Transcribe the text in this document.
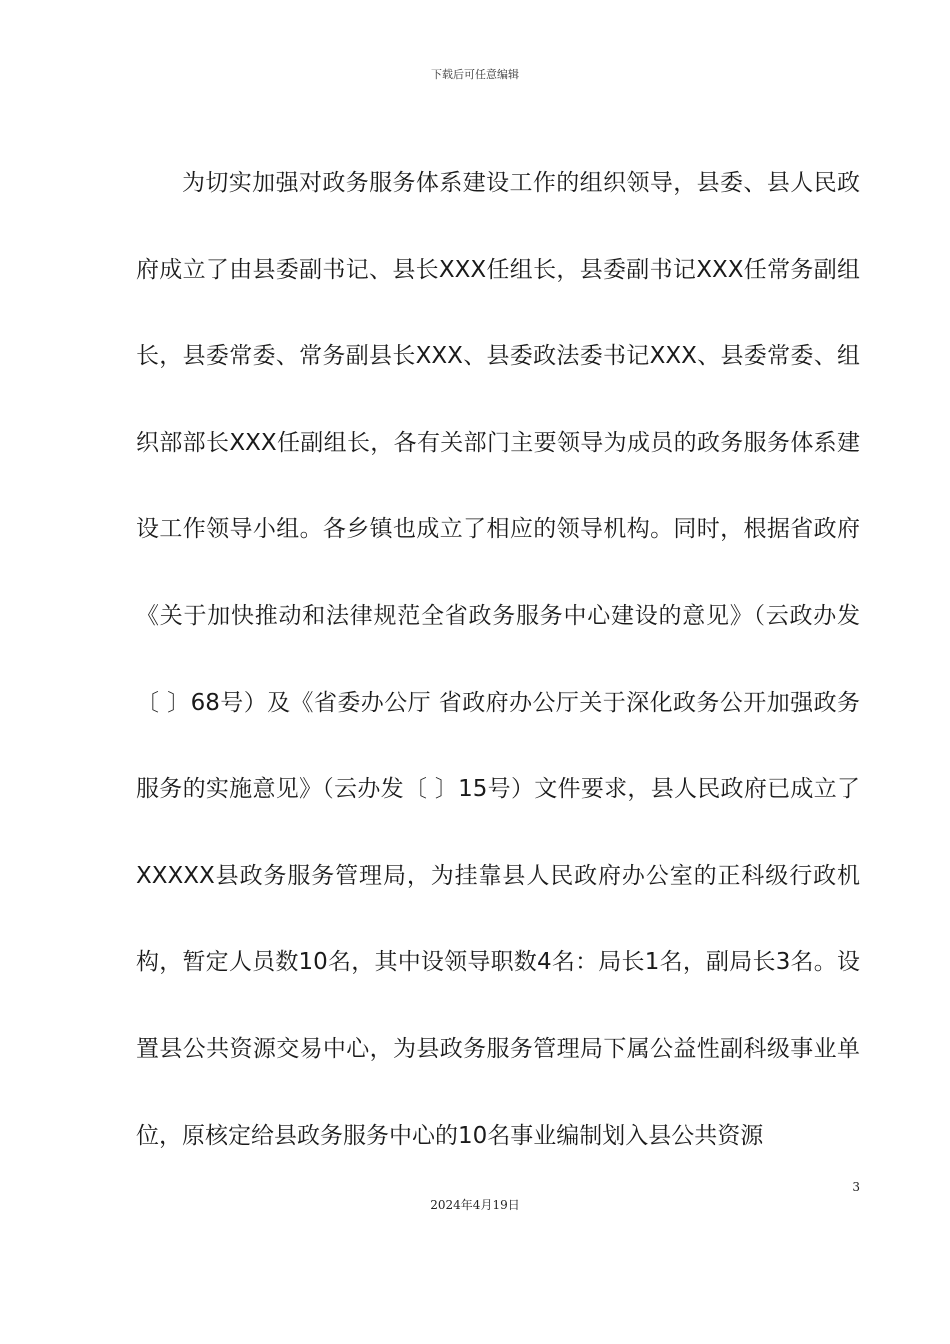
下载后可任意编辑

为切实加强对政务服务体系建设工作的组织领导，县委、县人民政府成立了由县委副书记、县长XXX任组长，县委副书记XXX任常务副组长，县委常委、常务副县长XXX、县委政法委书记XXX、县委常委、组织部部长XXX任副组长，各有关部门主要领导为成员的政务服务体系建设工作领导小组。各乡镇也成立了相应的领导机构。同时，根据省政府《关于加快推动和法律规范全省政务服务中心建设的意见》（云政办发〔 〕68号）及《省委办公厅 省政府办公厅关于深化政务公开加强政务服务的实施意见》（云办发〔 〕15号）文件要求，县人民政府已成立了XXXXX县政务服务管理局，为挂靠县人民政府办公室的正科级行政机构，暂定人员数10名，其中设领导职数4名：局长1名，副局长3名。设置县公共资源交易中心，为县政务服务管理局下属公益性副科级事业单位，原核定给县政务服务中心的10名事业编制划入县公共资源

3
2024年4月19日
